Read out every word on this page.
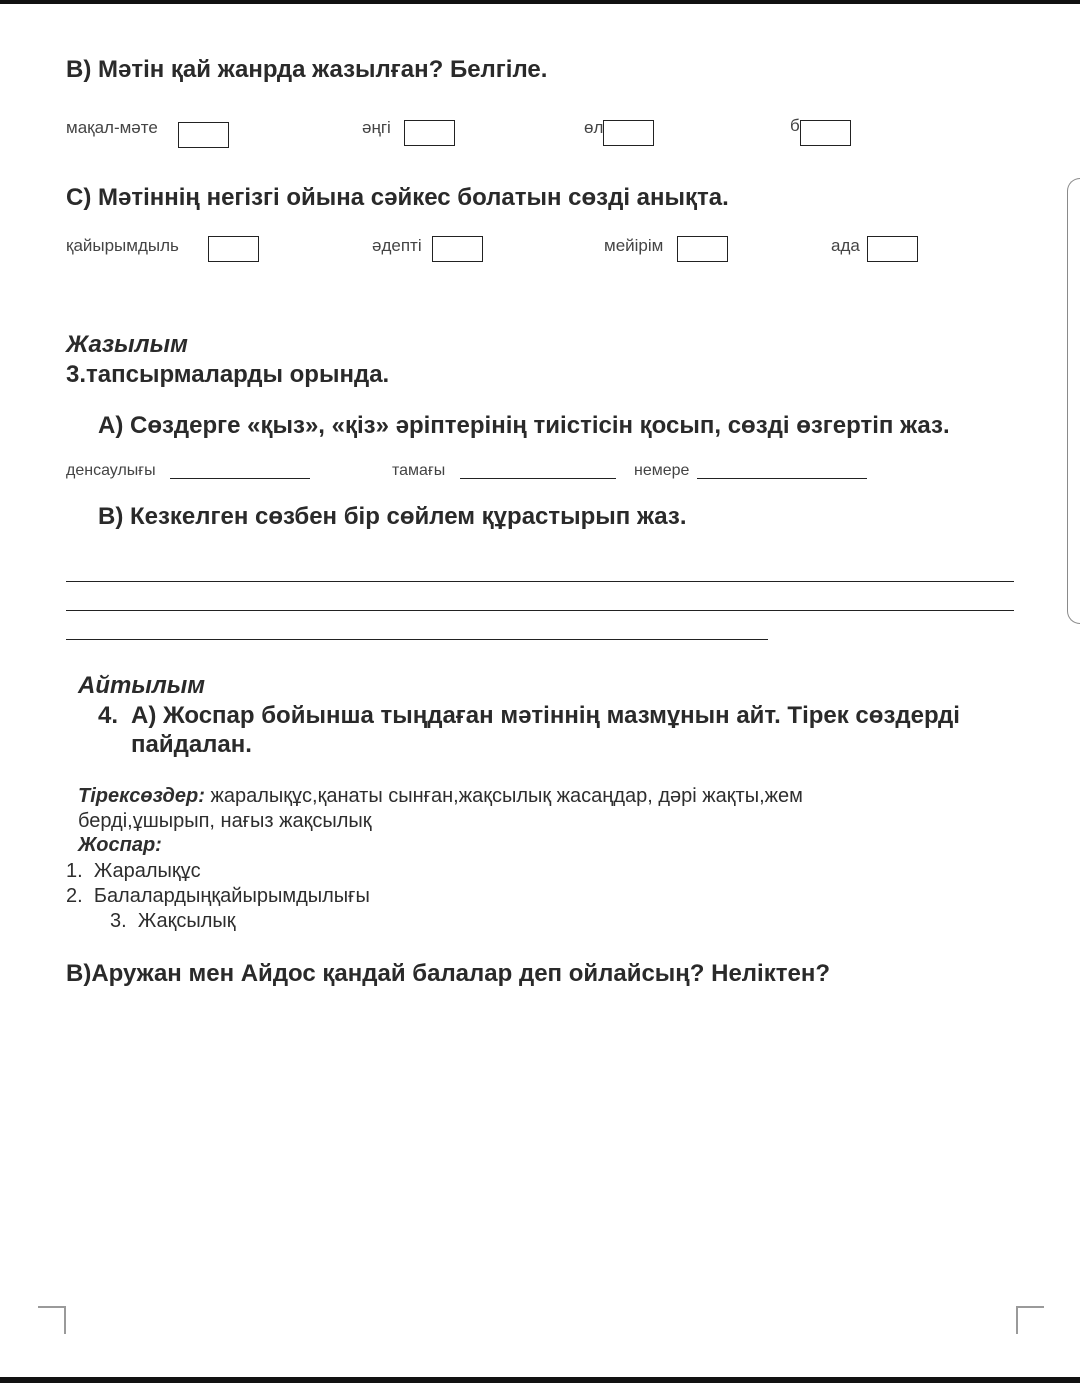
В) Мәтін қай жанрда жазылған? Белгіле.
мақал-мәте	әңгі	өл	б
С) Мәтіннің негізгі ойына сәйкес болатын сөзді анықта.
қайырымдыль	әдепті	мейірім	ада
Жазылым
3.тапсырмаларды орында.
А) Сөздерге «қыз», «қіз» әріптерінің тиістісін қосып, сөзді өзгертіп жаз.
денсаулығы	тамағы	немере
В) Кезкелген сөзбен бір сөйлем құрастырып жаз.
Айтылым
4. А) Жоспар бойынша тыңдаған мәтіннің мазмұнын айт. Тірек сөздерді
пайдалан.
Тірексөздер: жаралықұс,қанаты сынған,жақсылық жасаңдар, дәрі жақты,жем
берді,ұшырып, нағыз жақсылық
Жоспар:
1. Жаралықұс
2. Балалардыңқайырымдылығы
3. Жақсылық
В)Аружан мен Айдос қандай балалар деп ойлайсың? Неліктен?
